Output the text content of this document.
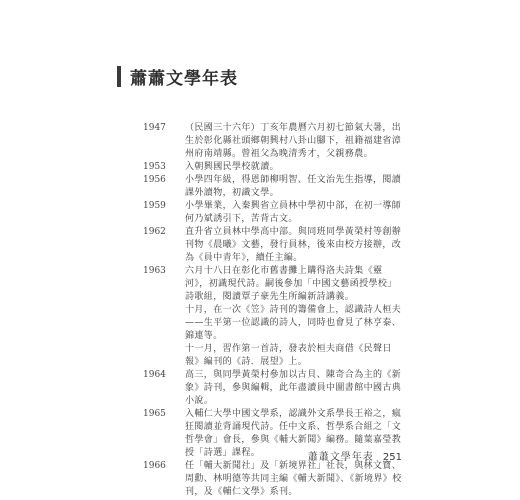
蕭蕭文學年表
1947	（民國三十六年）丁亥年農曆六月初七節氣大暑，出生於彰化縣社頭鄉朝興村八卦山腳下，祖籍福建省漳州府南靖縣。曾祖父為晚清秀才，父親務農。
1953	入朝興國民學校就讀。
1956	小學四年級，得恩師柳明智、任文治先生指導，閱讀課外讀物，初識文學。
1959	小學畢業，入秦興省立員林中學初中部，在初一導師何乃斌誘引下，苦背古文。
1962	直升省立員林中學高中部。與同班同學黃榮村等創辦刊物《晨曦》文藝，發行員林，後來由校方接辦，改為《員中青年》，續任主編。
1963	六月十八日在彰化市舊書攤上購得洛夫詩集《靈河》，初識現代詩。嗣後參加「中國文藝函授學校」詩歌組，閱讀覃子豪先生所編新詩講義。
十月，在一次《笠》詩刊的籌備會上，認識詩人桓夫——生平第一位認識的詩人，同時也會見了林亨泰、錦連等。
十一月，習作第一首詩，發表於桓夫商借《民聲日報》編刊的《詩．展望》上。
1964	高三，與同學黃榮村參加以古貝、陳奇合為主的《新象》詩刊，參與編輯，此年盡讀員中圖書館中國古典小說。
1965	入輔仁大學中國文學系，認識外文系學長王裕之，瘋狂閱讀並背誦現代詩。任中文系、哲學系合組之「文哲學會」會長，參與《輔大新聞》編務。隨葉嘉瑩教授「詩選」課程。
1966	任「輔大新聞社」及「新境界社」社長，與林文寶、周勳、林明德等共同主編《輔大新聞》、《新境界》校刊，及《輔仁文學》系刊。
蕭蕭文學年表 251
